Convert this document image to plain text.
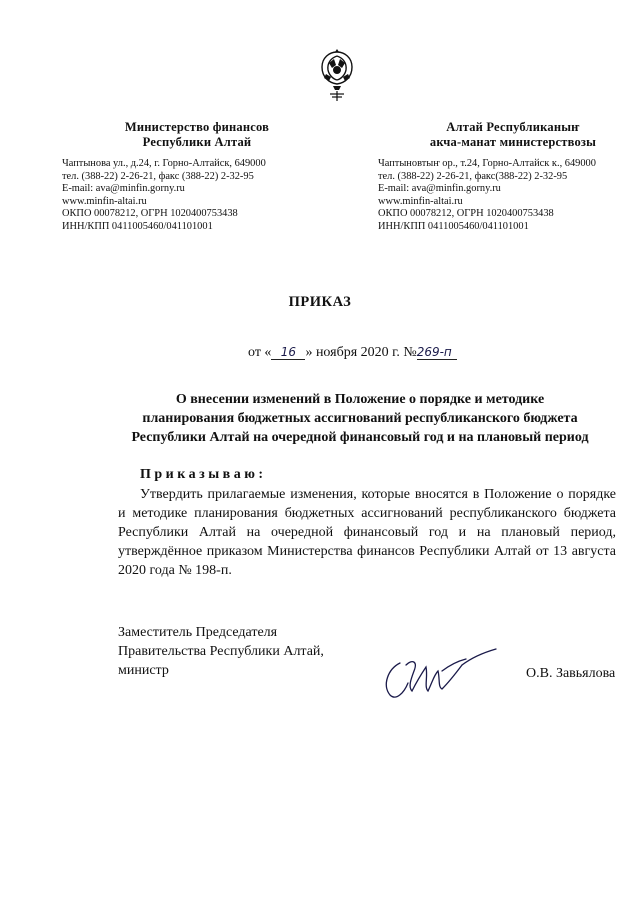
Министерство финансов
Республики Алтай
Чаптынова ул., д.24, г. Горно-Алтайск, 649000
тел. (388-22) 2-26-21, факс (388-22) 2-32-95
E-mail: ava@minfin.gorny.ru
www.minfin-altai.ru
ОКПО 00078212, ОГРН 1020400753438
ИНН/КПП 0411005460/041101001
Алтай Республиканыҥ
акча-манат министерствозы
Чаптыновтыҥ ор., т.24, Горно-Алтайск к., 649000
тел. (388-22) 2-26-21, факс(388-22) 2-32-95
E-mail: ava@minfin.gorny.ru
www.minfin-altai.ru
ОКПО 00078212, ОГРН 1020400753438
ИНН/КПП 0411005460/041101001
ПРИКАЗ
от « 16 » ноября 2020 г. №269-п
О внесении изменений в Положение о порядке и методике
планирования бюджетных ассигнований республиканского бюджета
Республики Алтай на очередной финансовый год и на плановый период
Приказываю:
Утвердить прилагаемые изменения, которые вносятся в Положение о порядке и методике планирования бюджетных ассигнований республиканского бюджета Республики Алтай на очередной финансовый год и на плановый период, утверждённое приказом Министерства финансов Республики Алтай от 13 августа 2020 года № 198-п.
Заместитель Председателя
Правительства Республики Алтай,
министр	О.В. Завьялова
